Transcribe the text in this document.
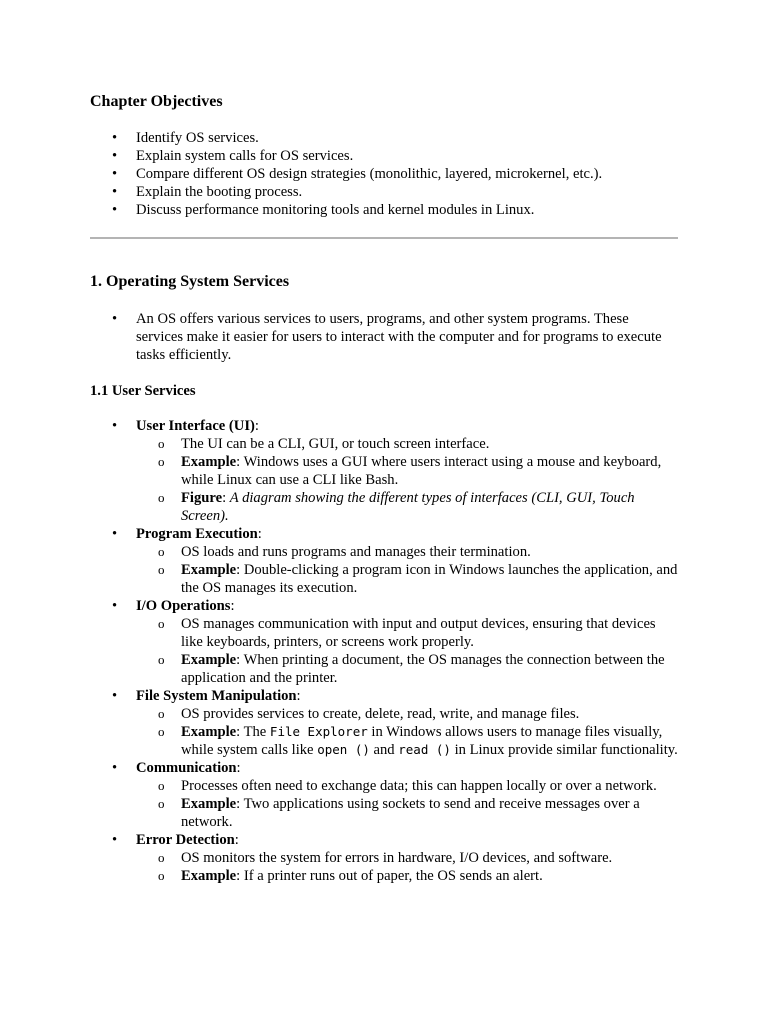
Chapter Objectives
• Identify OS services.
• Explain system calls for OS services.
• Compare different OS design strategies (monolithic, layered, microkernel, etc.).
• Explain the booting process.
• Discuss performance monitoring tools and kernel modules in Linux.
1. Operating System Services
• An OS offers various services to users, programs, and other system programs. These services make it easier for users to interact with the computer and for programs to execute tasks efficiently.
1.1 User Services
• User Interface (UI):
o The UI can be a CLI, GUI, or touch screen interface.
o Example: Windows uses a GUI where users interact using a mouse and keyboard, while Linux can use a CLI like Bash.
o Figure: A diagram showing the different types of interfaces (CLI, GUI, Touch Screen).
• Program Execution:
o OS loads and runs programs and manages their termination.
o Example: Double-clicking a program icon in Windows launches the application, and the OS manages its execution.
• I/O Operations:
o OS manages communication with input and output devices, ensuring that devices like keyboards, printers, or screens work properly.
o Example: When printing a document, the OS manages the connection between the application and the printer.
• File System Manipulation:
o OS provides services to create, delete, read, write, and manage files.
o Example: The File Explorer in Windows allows users to manage files visually, while system calls like open () and read () in Linux provide similar functionality.
• Communication:
o Processes often need to exchange data; this can happen locally or over a network.
o Example: Two applications using sockets to send and receive messages over a network.
• Error Detection:
o OS monitors the system for errors in hardware, I/O devices, and software.
o Example: If a printer runs out of paper, the OS sends an alert.
